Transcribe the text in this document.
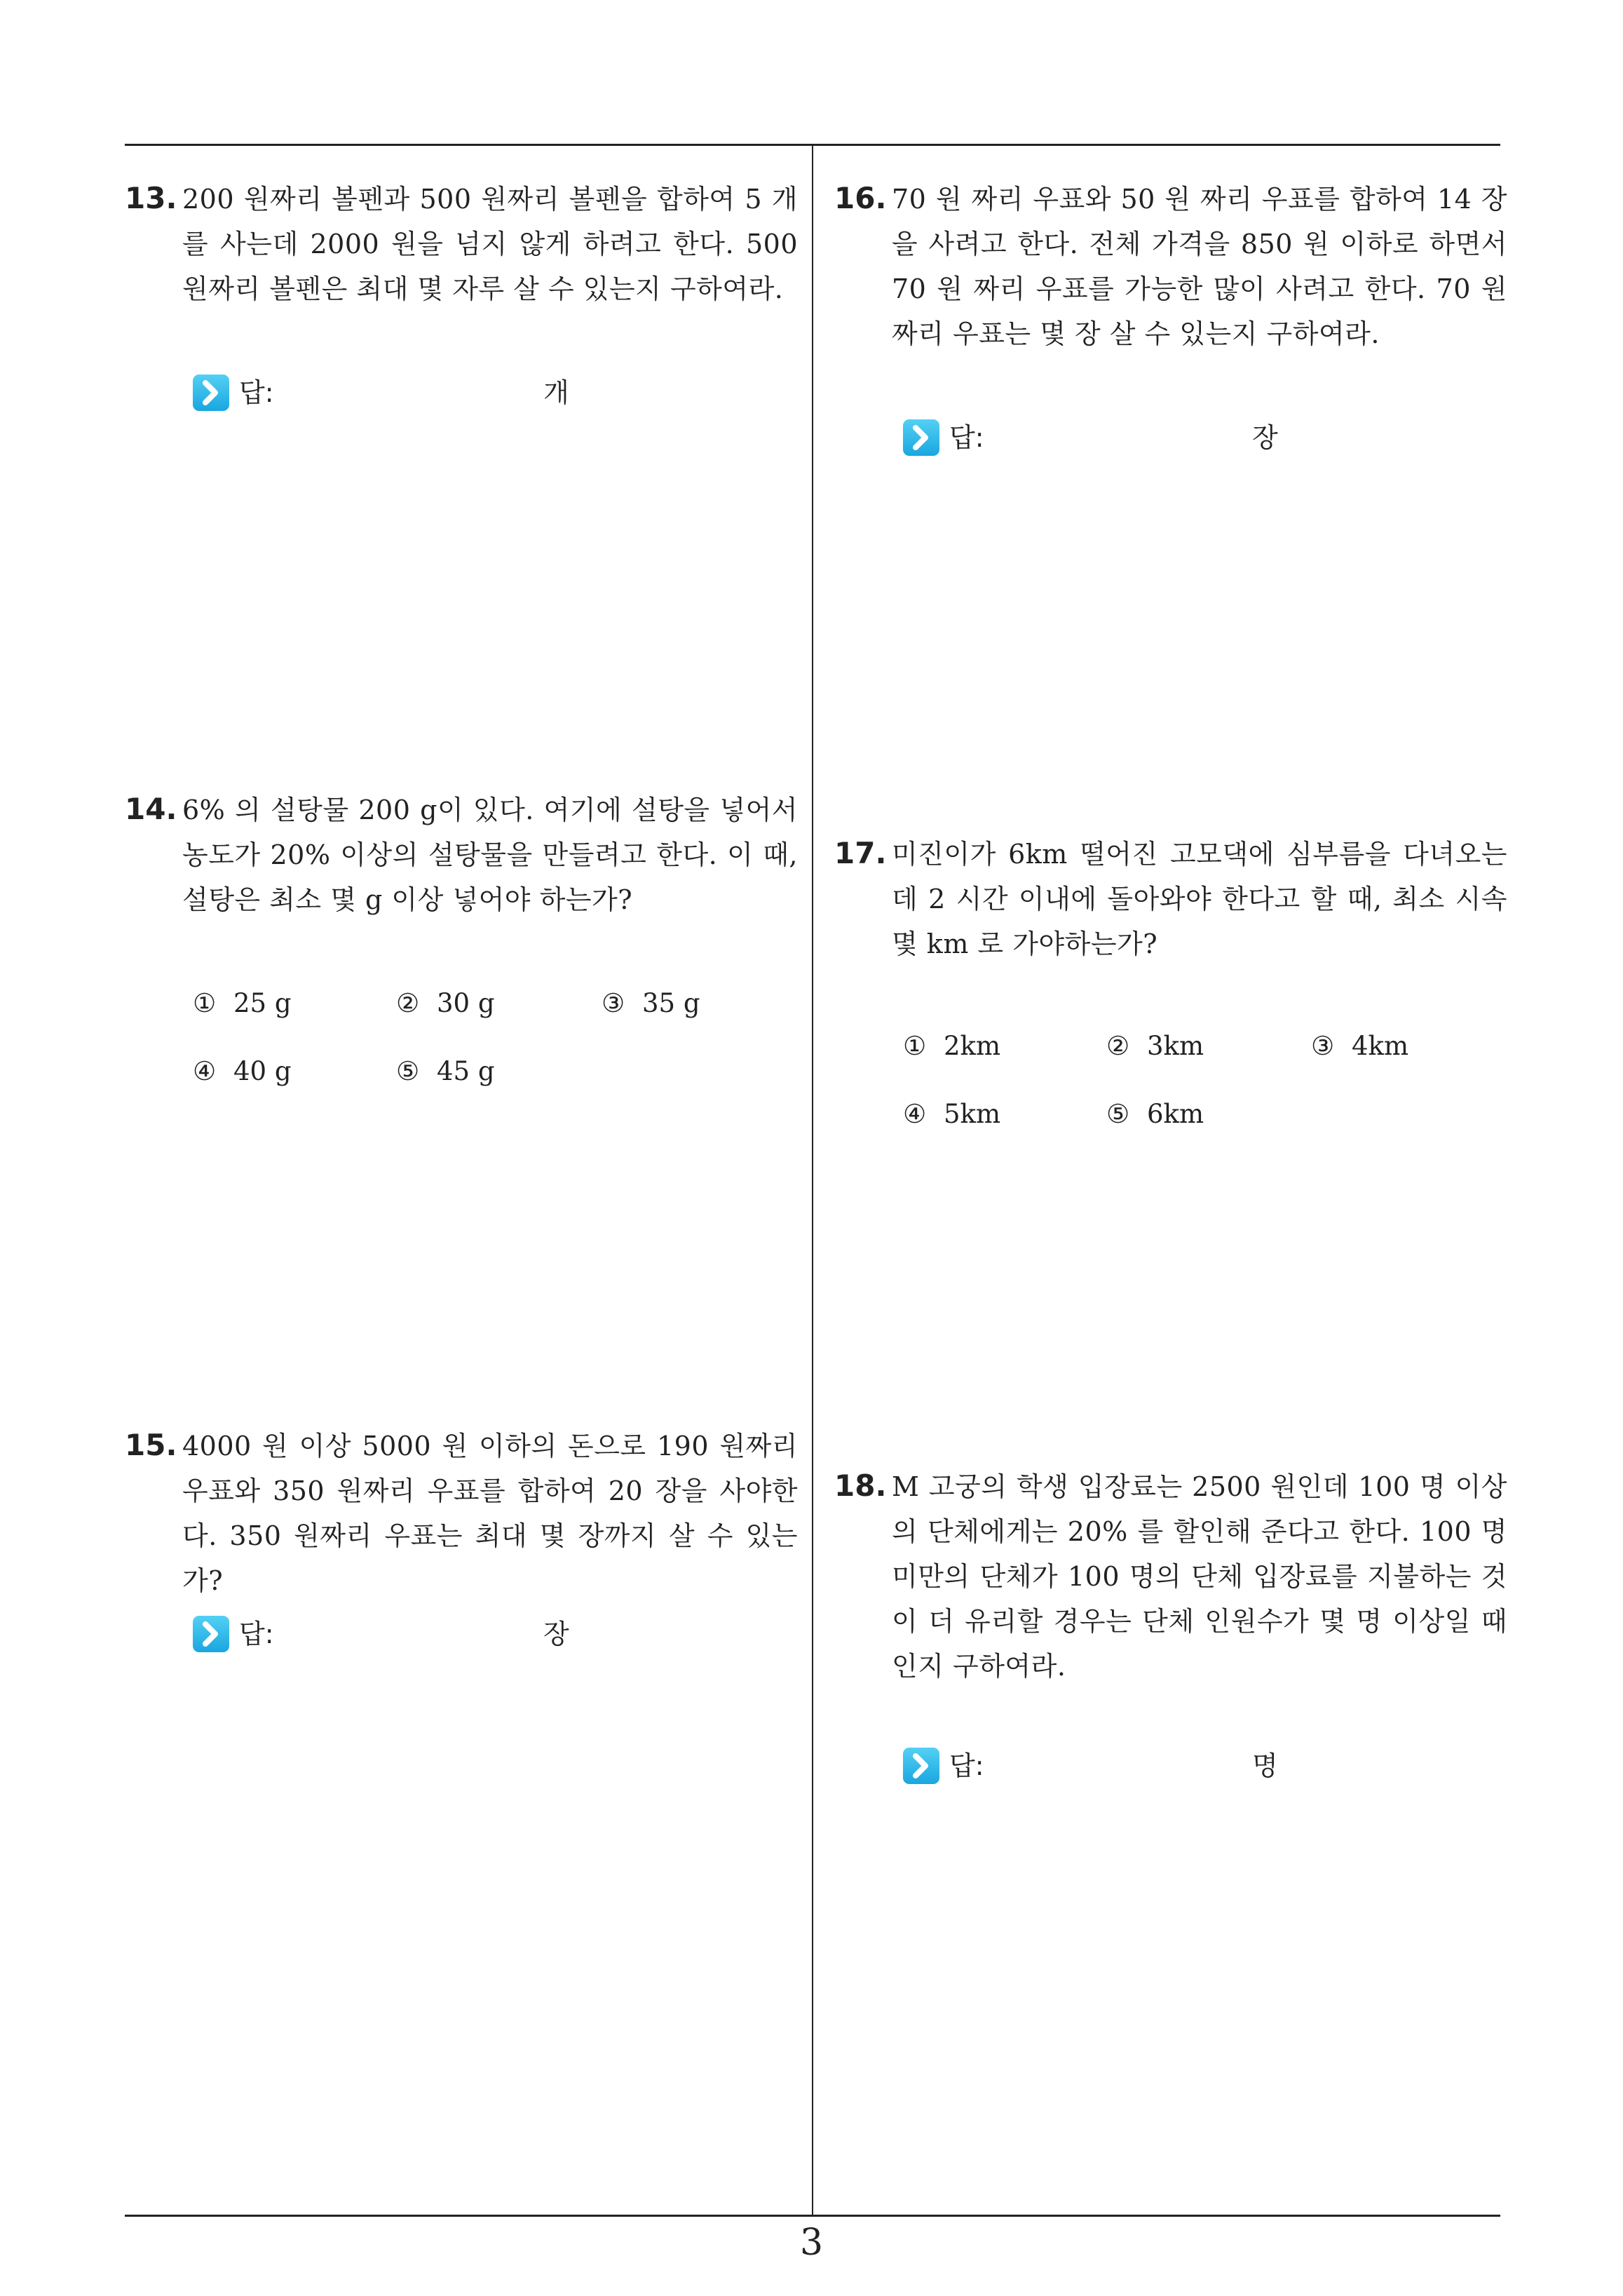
13. 200 원짜리 볼펜과 500 원짜리 볼펜을 합하여 5 개를 사는데 2000 원을 넘지 않게 하려고 한다. 500 원짜리 볼펜은 최대 몇 자루 살 수 있는지 구하여라.
답:	개
14. 6% 의 설탕물 200 g이 있다. 여기에 설탕을 넣어서 농도가 20% 이상의 설탕물을 만들려고 한다. 이 때, 설탕은 최소 몇 g 이상 넣어야 하는가?
① 25 g	② 30 g	③ 35 g
④ 40 g	⑤ 45 g
15. 4000 원 이상 5000 원 이하의 돈으로 190 원짜리 우표와 350 원짜리 우표를 합하여 20 장을 사야한다. 350 원짜리 우표는 최대 몇 장까지 살 수 있는가?
답:	장
16. 70 원 짜리 우표와 50 원 짜리 우표를 합하여 14 장을 사려고 한다. 전체 가격을 850 원 이하로 하면서 70 원 짜리 우표를 가능한 많이 사려고 한다. 70 원짜리 우표는 몇 장 살 수 있는지 구하여라.
답:	장
17. 미진이가 6km 떨어진 고모댁에 심부름을 다녀오는데 2 시간 이내에 돌아와야 한다고 할 때, 최소 시속 몇 km 로 가야하는가?
① 2km	② 3km	③ 4km
④ 5km	⑤ 6km
18. M 고궁의 학생 입장료는 2500 원인데 100 명 이상의 단체에게는 20% 를 할인해 준다고 한다. 100 명 미만의 단체가 100 명의 단체 입장료를 지불하는 것이 더 유리할 경우는 단체 인원수가 몇 명 이상일 때인지 구하여라.
답:	명
3
